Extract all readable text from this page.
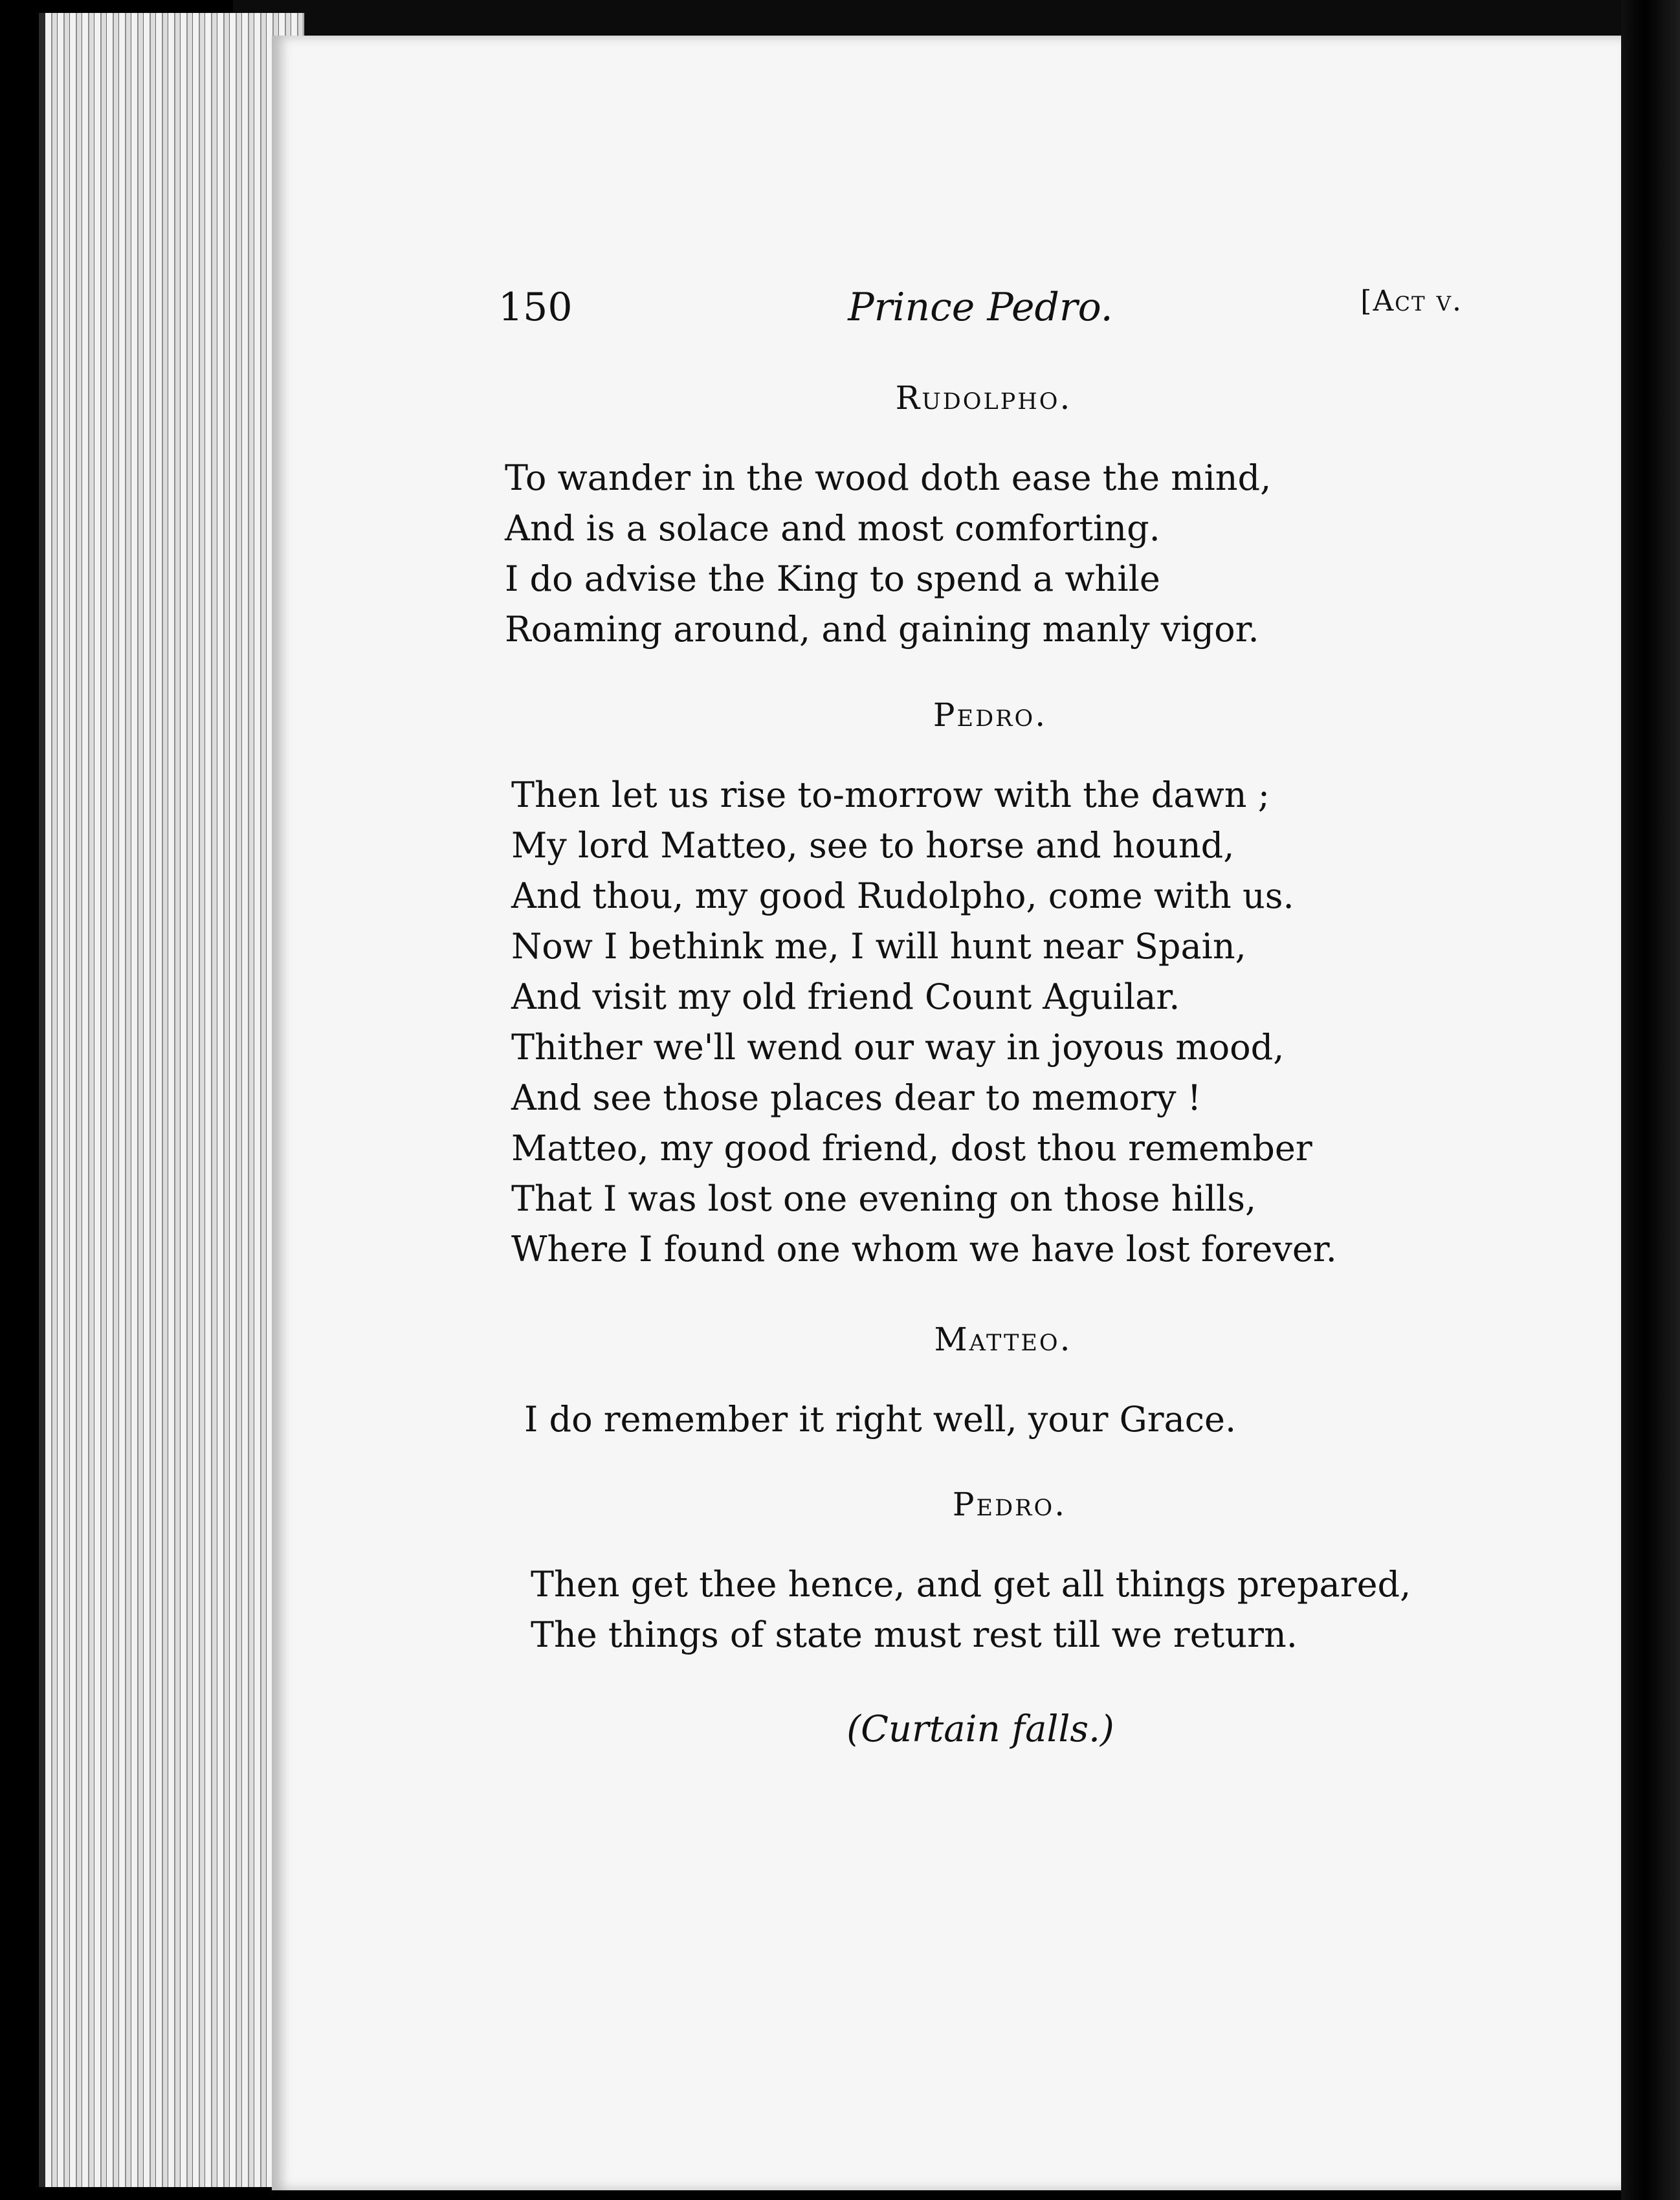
150	Prince Pedro.	[Act v.
Rudolpho.
To wander in the wood doth ease the mind,
And is a solace and most comforting.
I do advise the King to spend a while
Roaming around, and gaining manly vigor.
Pedro.
Then let us rise to-morrow with the dawn ;
My lord Matteo, see to horse and hound,
And thou, my good Rudolpho, come with us.
Now I bethink me, I will hunt near Spain,
And visit my old friend Count Aguilar.
Thither we'll wend our way in joyous mood,
And see those places dear to memory !
Matteo, my good friend, dost thou remember
That I was lost one evening on those hills,
Where I found one whom we have lost forever.
Matteo.
I do remember it right well, your Grace.
Pedro.
Then get thee hence, and get all things prepared,
The things of state must rest till we return.
(Curtain falls.)
